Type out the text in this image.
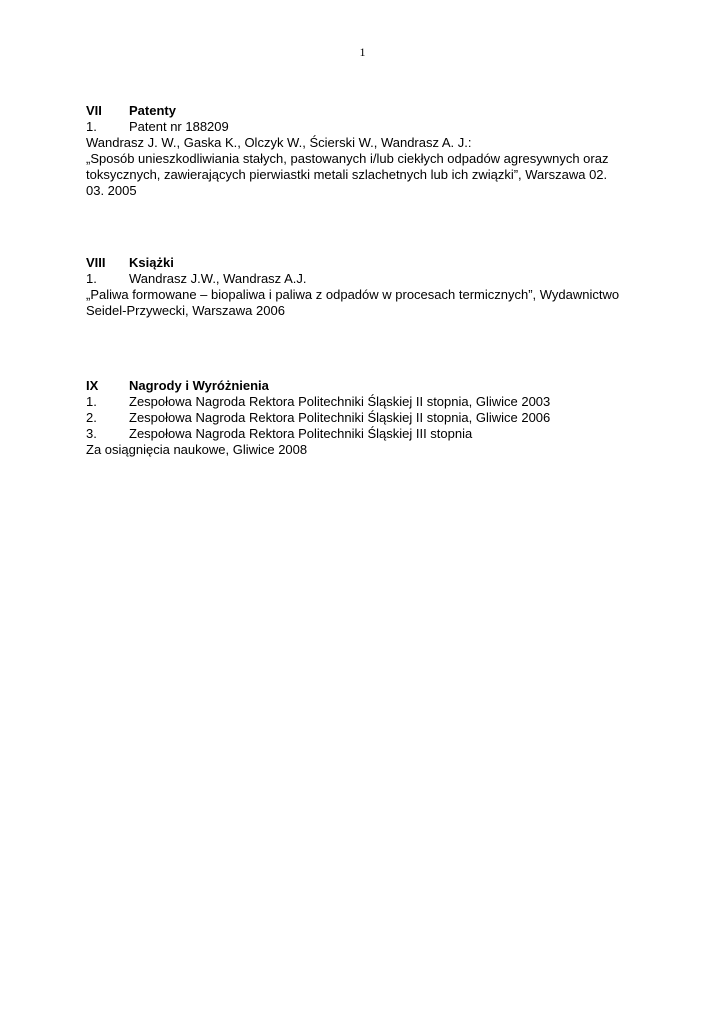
1
VII	Patenty
1.	Patent nr 188209
Wandrasz J. W., Gaska K., Olczyk W., Ścierski W., Wandrasz A. J.:
„Sposób unieszkodliwiania stałych, pastowanych i/lub ciekłych odpadów agresywnych oraz
toksycznych, zawierających pierwiastki metali szlachetnych lub ich związki”, Warszawa 02.
03. 2005
VIII	Książki
1.	Wandrasz J.W., Wandrasz A.J.
„Paliwa formowane – biopaliwa i paliwa z odpadów w procesach termicznych”, Wydawnictwo
Seidel-Przywecki, Warszawa 2006
IX	Nagrody i Wyróżnienia
1.	Zespołowa Nagroda Rektora Politechniki Śląskiej II stopnia, Gliwice 2003
2.	Zespołowa Nagroda Rektora Politechniki Śląskiej II stopnia, Gliwice 2006
3.	Zespołowa Nagroda Rektora Politechniki Śląskiej III stopnia
Za osiągnięcia naukowe, Gliwice 2008
